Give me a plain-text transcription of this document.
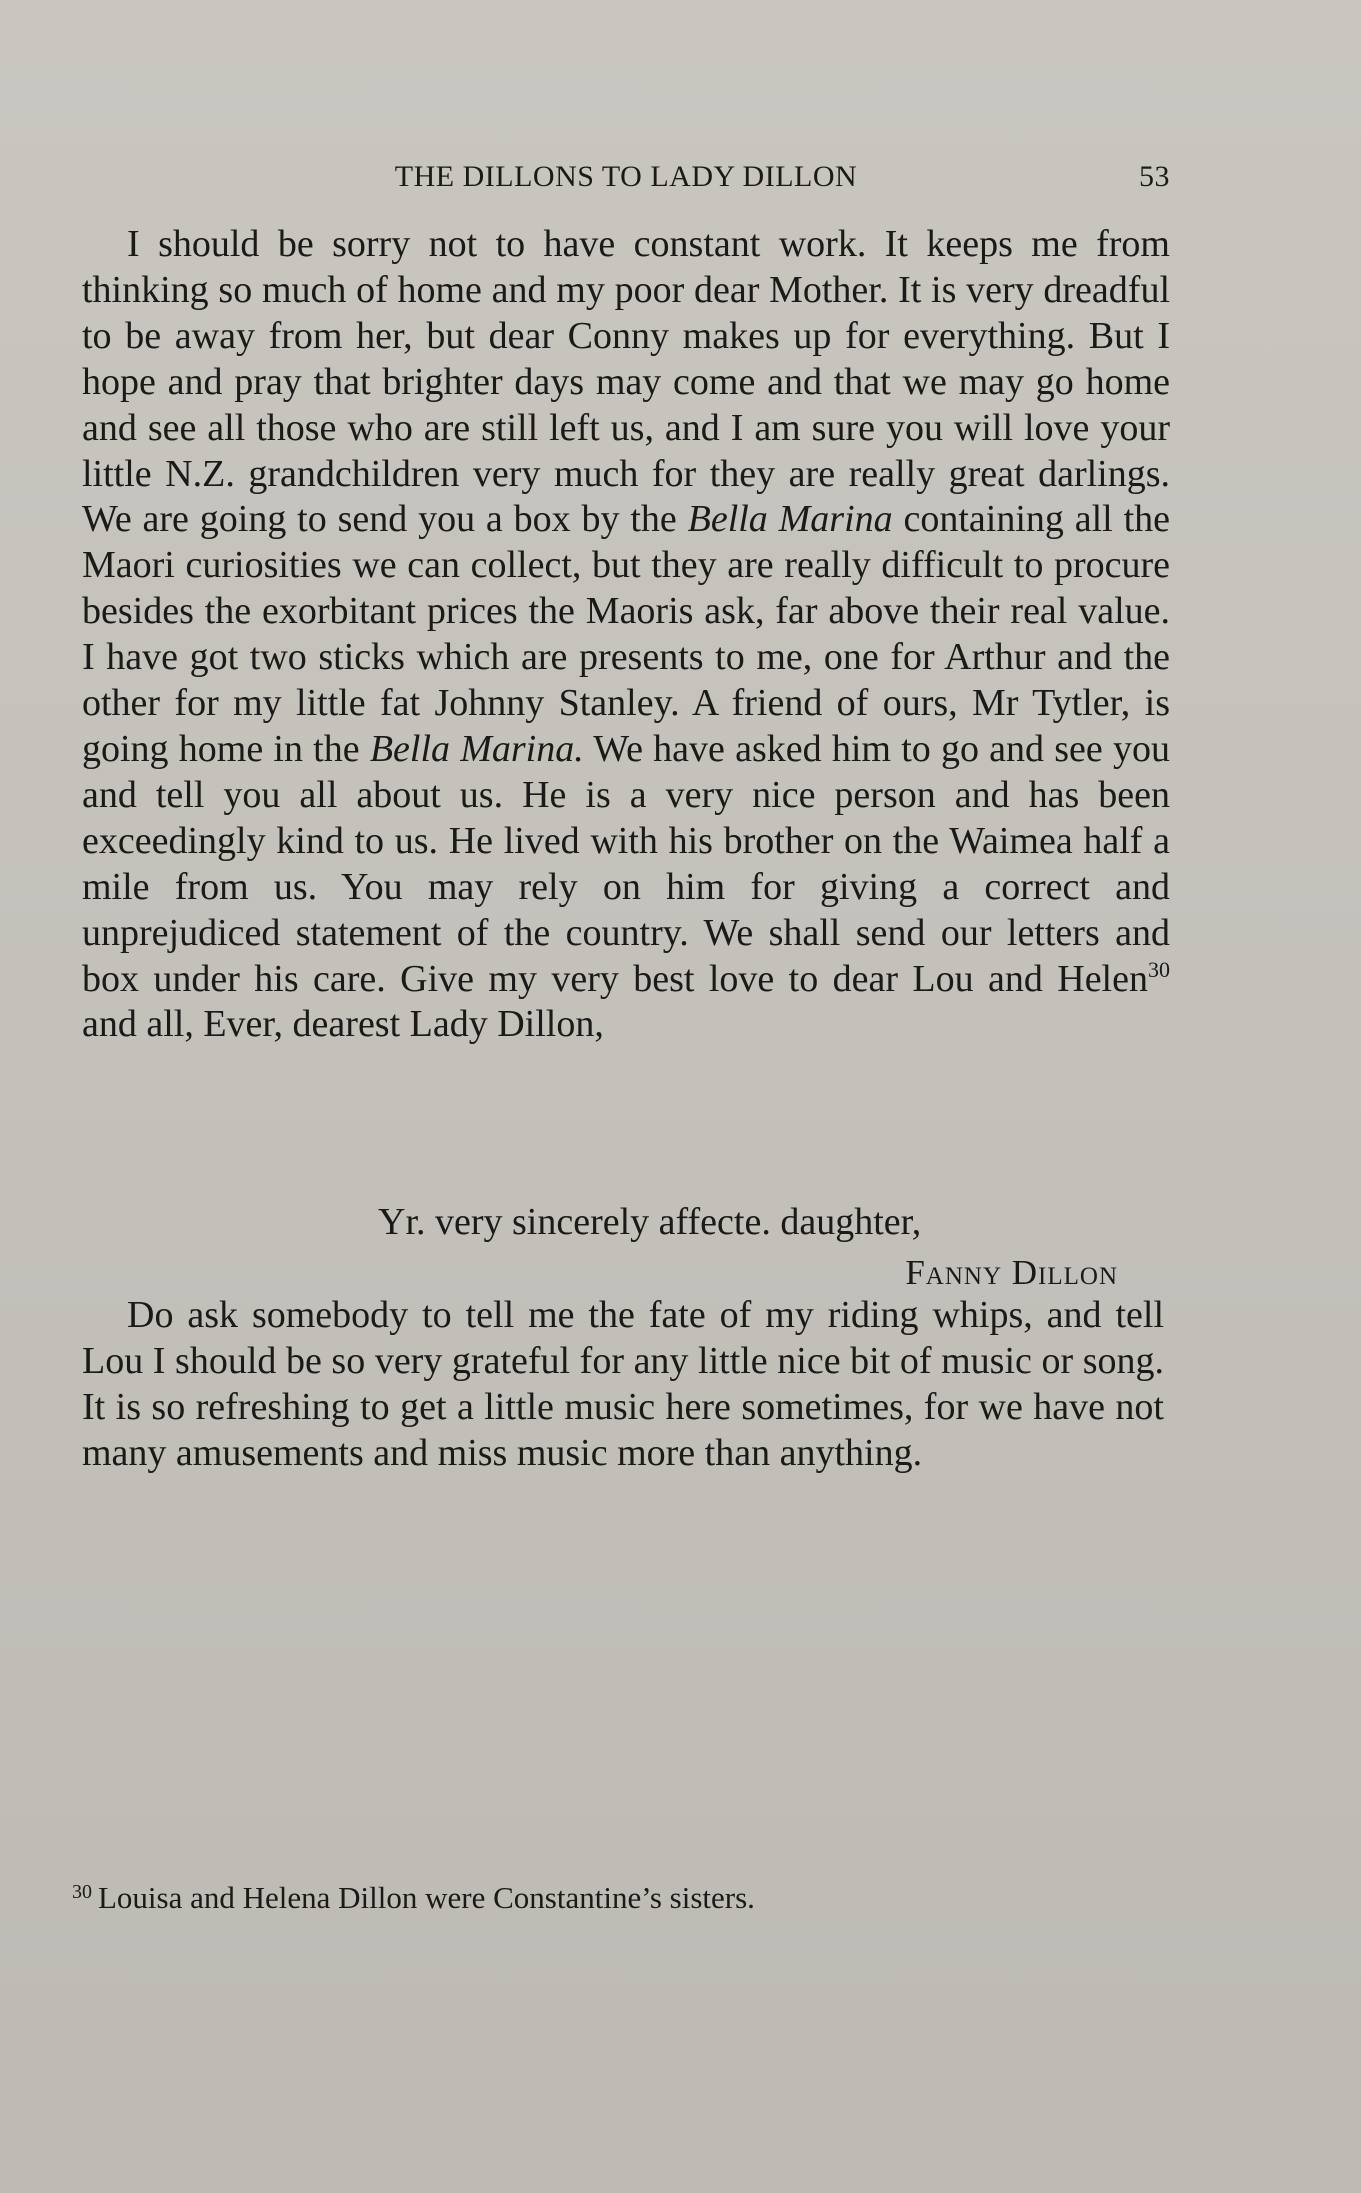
THE DILLONS TO LADY DILLON	53

I should be sorry not to have constant work. It keeps me from thinking so much of home and my poor dear Mother. It is very dreadful to be away from her, but dear Conny makes up for everything. But I hope and pray that brighter days may come and that we may go home and see all those who are still left us, and I am sure you will love your little N.Z. grandchildren very much for they are really great darlings. We are going to send you a box by the Bella Marina containing all the Maori curiosities we can collect, but they are really difficult to procure besides the exorbitant prices the Maoris ask, far above their real value. I have got two sticks which are presents to me, one for Arthur and the other for my little fat Johnny Stanley. A friend of ours, Mr Tytler, is going home in the Bella Marina. We have asked him to go and see you and tell you all about us. He is a very nice person and has been exceedingly kind to us. He lived with his brother on the Waimea half a mile from us. You may rely on him for giving a correct and unprejudiced statement of the country. We shall send our letters and box under his care. Give my very best love to dear Lou and Helen$^{30}$ and all, Ever, dearest Lady Dillon,

Yr. very sincerely affecte. daughter,
Fanny Dillon

Do ask somebody to tell me the fate of my riding whips, and tell Lou I should be so very grateful for any little nice bit of music or song. It is so refreshing to get a little music here sometimes, for we have not many amusements and miss music more than anything.

$^{30}$ Louisa and Helena Dillon were Constantine’s sisters.
